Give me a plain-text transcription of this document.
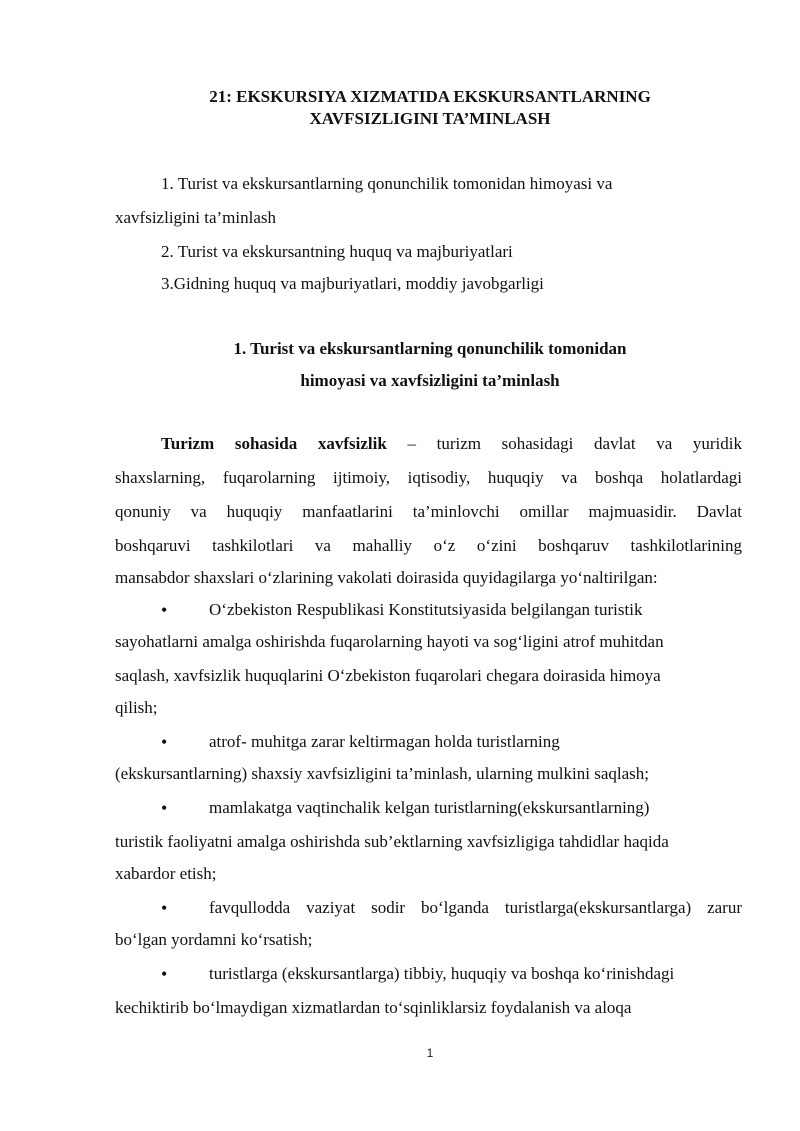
21: EKSKURSIYA XIZMATIDA EKSKURSANTLARNING
XAVFSIZLIGINI TA’MINLASH
1. Turist va ekskursantlarning qonunchilik tomonidan himoyasi va
xavfsizligini ta’minlash
2. Turist va ekskursantning huquq va majburiyatlari
3.Gidning huquq va majburiyatlari, moddiy javobgarligi
1. Turist va ekskursantlarning qonunchilik tomonidan
himoyasi va xavfsizligini ta’minlash
Turizm sohasida xavfsizlik – turizm sohasidagi davlat va yuridik
shaxslarning, fuqarolarning ijtimoiy, iqtisodiy, huquqiy va boshqa holatlardagi
qonuniy va huquqiy manfaatlarini ta’minlovchi omillar majmuasidir. Davlat
boshqaruvi tashkilotlari va mahalliy o‘z o‘zini boshqaruv tashkilotlarining
mansabdor shaxslari o‘zlarining vakolati doirasida quyidagilarga yo‘naltirilgan:
• O‘zbekiston Respublikasi Konstitutsiyasida belgilangan turistik
sayohatlarni amalga oshirishda fuqarolarning hayoti va sog‘ligini atrof muhitdan
saqlash, xavfsizlik huquqlarini O‘zbekiston fuqarolari chegara doirasida himoya
qilish;
• atrof- muhitga zarar keltirmagan holda turistlarning
(ekskursantlarning) shaxsiy xavfsizligini ta’minlash, ularning mulkini saqlash;
• mamlakatga vaqtinchalik kelgan turistlarning(ekskursantlarning)
turistik faoliyatni amalga oshirishda sub’ektlarning xavfsizligiga tahdidlar haqida
xabardor etish;
• favqullodda vaziyat sodir bo‘lganda turistlarga(ekskursantlarga) zarur
bo‘lgan yordamni ko‘rsatish;
• turistlarga (ekskursantlarga) tibbiy, huquqiy va boshqa ko‘rinishdagi
kechiktirib bo‘lmaydigan xizmatlardan to‘sqinliklarsiz foydalanish va aloqa
1
